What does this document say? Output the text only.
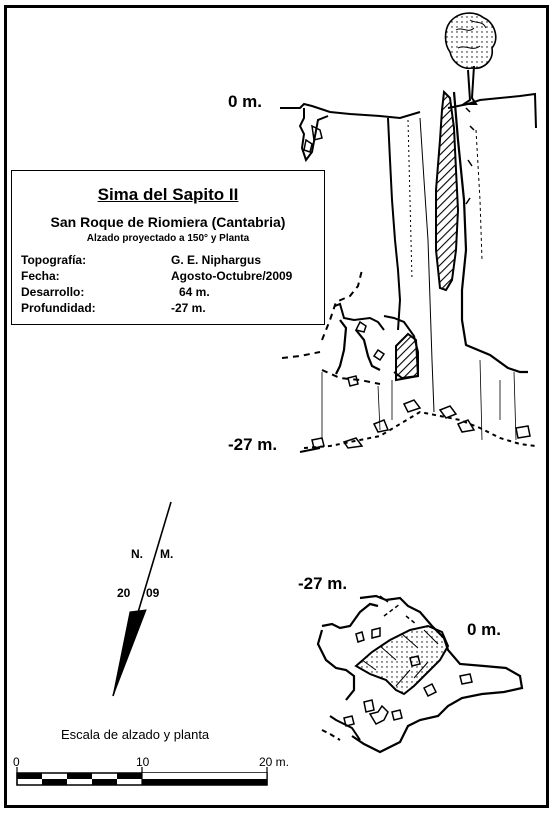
0 m.
-27 m.
-27 m.
0 m.
Sima del Sapito II
San Roque de Riomiera (Cantabria)
Alzado proyectado a 150° y Planta
Topografía:	G. E. Niphargus
Fecha:	Agosto-Octubre/2009
Desarrollo:	64 m.
Profundidad:	-27 m.
N. M.
20 09
Escala de alzado y planta
0	10	20 m.
